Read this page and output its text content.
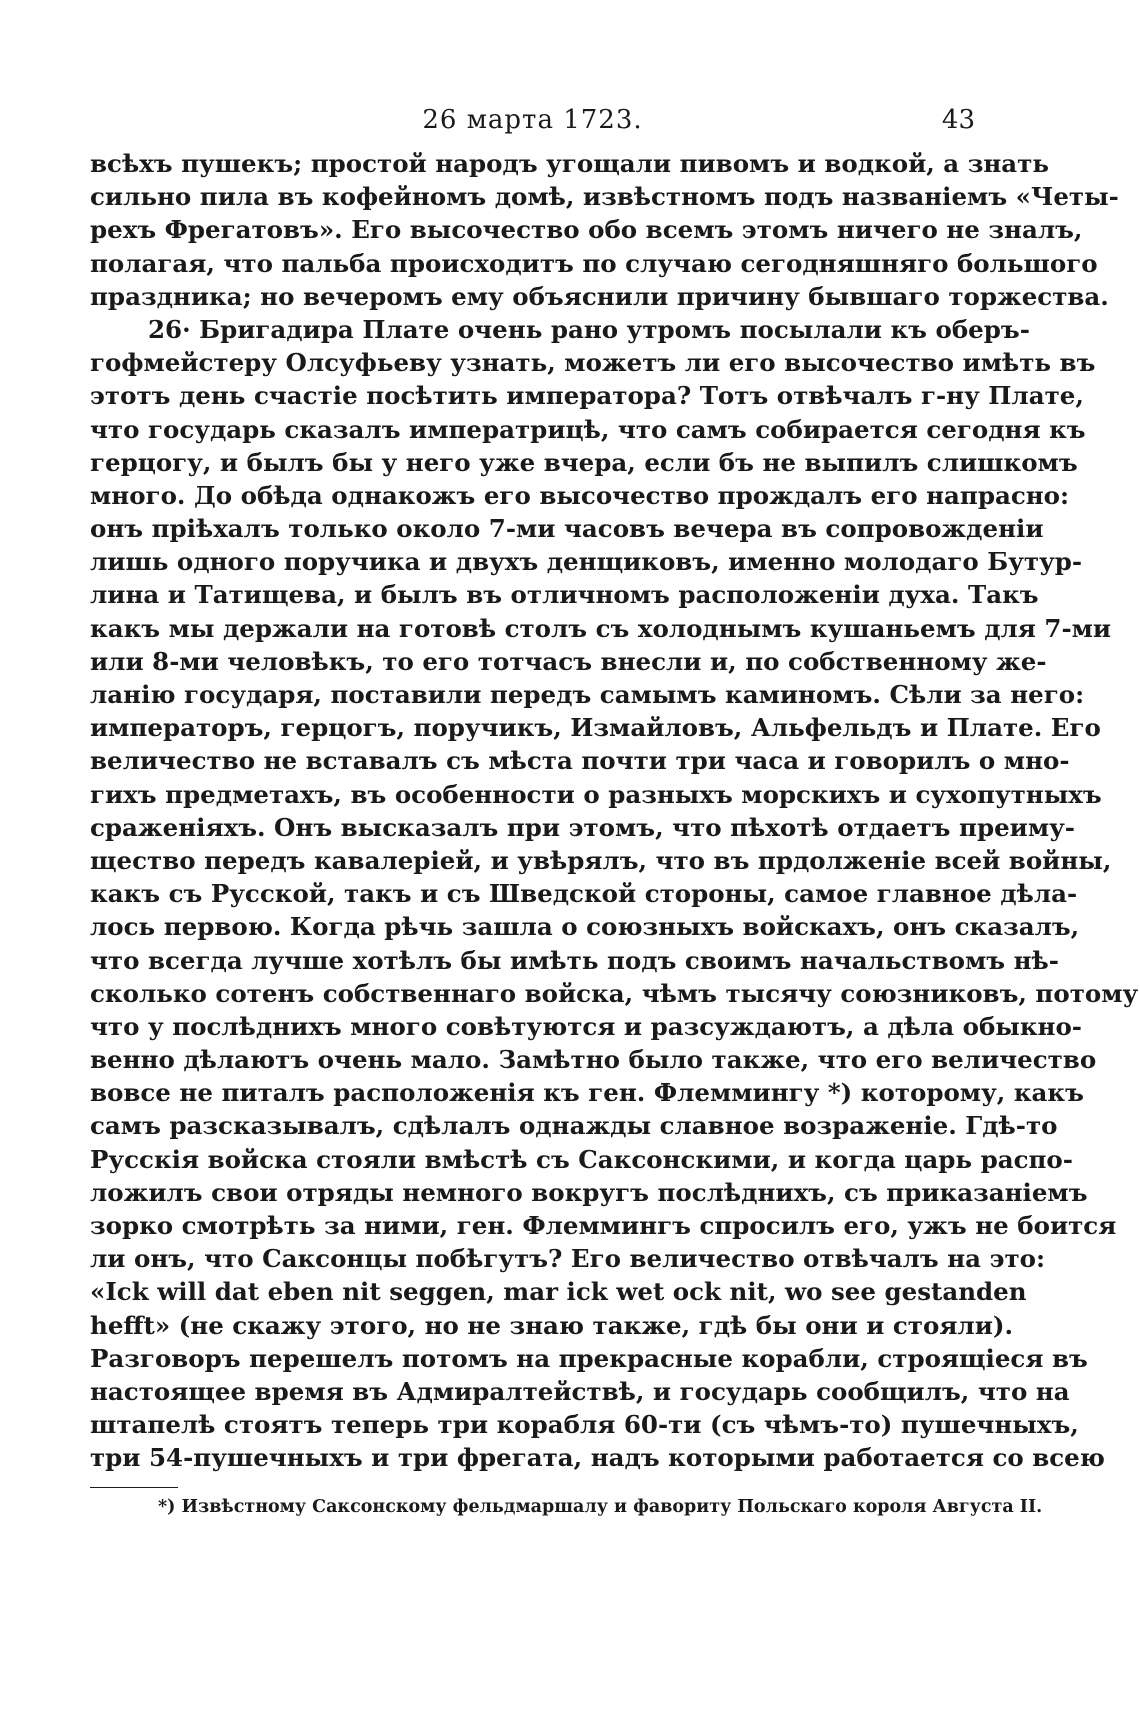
26 марта 1723.	43
всѣхъ пушекъ; простой народъ угощали пивомъ и водкой, а знать
сильно пила въ кофейномъ домѣ, извѣстномъ подъ названіемъ «Четы-
рехъ Фрегатовъ». Его высочество обо всемъ этомъ ничего не зналъ,
полагая, что пальба происходитъ по случаю сегодняшняго большого
праздника; но вечеромъ ему объяснили причину бывшаго торжества.
26· Бригадира Плате очень рано утромъ посылали къ оберъ-
гофмейстеру Олсуфьеву узнать, можетъ ли его высочество имѣть въ
этотъ день счастіе посѣтить императора? Тотъ отвѣчалъ г-ну Плате,
что государь сказалъ императрицѣ, что самъ собирается сегодня къ
герцогу, и былъ бы у него уже вчера, если бъ не выпилъ слишкомъ
много. До обѣда однакожъ его высочество прождалъ его напрасно:
онъ пріѣхалъ только около 7-ми часовъ вечера въ сопровожденіи
лишь одного поручика и двухъ денщиковъ, именно молодаго Бутур-
лина и Татищева, и былъ въ отличномъ расположеніи духа. Такъ
какъ мы держали на готовѣ столъ съ холоднымъ кушаньемъ для 7-ми
или 8-ми человѣкъ, то его тотчасъ внесли и, по собственному же-
ланію государя, поставили передъ самымъ каминомъ. Сѣли за него:
императоръ, герцогъ, поручикъ, Измайловъ, Альфельдъ и Плате. Его
величество не вставалъ съ мѣста почти три часа и говорилъ о мно-
гихъ предметахъ, въ особенности о разныхъ морскихъ и сухопутныхъ
сраженіяхъ. Онъ высказалъ при этомъ, что пѣхотѣ отдаетъ преиму-
щество передъ кавалеріей, и увѣрялъ, что въ прдолженіе всей войны,
какъ съ Русской, такъ и съ Шведской стороны, самое главное дѣла-
лось первою. Когда рѣчь зашла о союзныхъ войскахъ, онъ сказалъ,
что всегда лучше хотѣлъ бы имѣть подъ своимъ начальствомъ нѣ-
сколько сотенъ собственнаго войска, чѣмъ тысячу союзниковъ, потому
что у послѣднихъ много совѣтуются и разсуждаютъ, а дѣла обыкно-
венно дѣлаютъ очень мало. Замѣтно было также, что его величество
вовсе не питалъ расположенія къ ген. Флеммингу *) которому, какъ
самъ разсказывалъ, сдѣлалъ однажды славное возраженіе. Гдѣ-то
Русскія войска стояли вмѣстѣ съ Саксонскими, и когда царь распо-
ложилъ свои отряды немного вокругъ послѣднихъ, съ приказаніемъ
зорко смотрѣть за ними, ген. Флеммингъ спросилъ его, ужъ не боится
ли онъ, что Саксонцы побѣгутъ? Его величество отвѣчалъ на это:
«Ick will dat eben nit seggen, mar ick wet ock nit, wo see gestanden
hefft» (не скажу этого, но не знаю также, гдѣ бы они и стояли).
Разговоръ перешелъ потомъ на прекрасные корабли, строящіеся въ
настоящее время въ Адмиралтействѣ, и государь сообщилъ, что на
штапелѣ стоятъ теперь три корабля 60-ти (съ чѣмъ-то) пушечныхъ,
три 54-пушечныхъ и три фрегата, надъ которыми работается со всею
*) Извѣстному Саксонскому фельдмаршалу и фавориту Польскаго короля Августа II.
